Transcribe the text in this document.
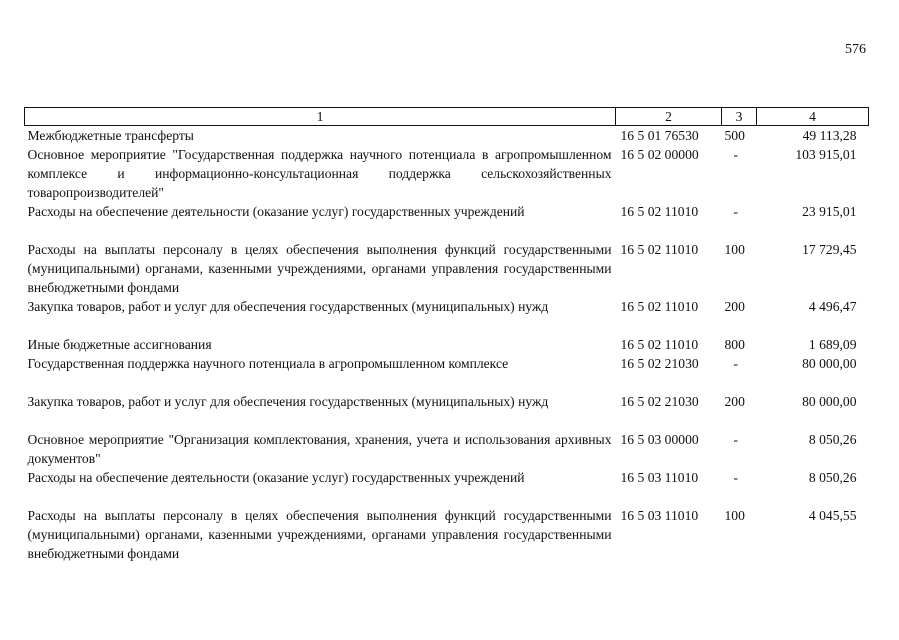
576
1	2	3	4
Межбюджетные трансферты	16 5 01 76530	500	49 113,28
Основное мероприятие "Государственная поддержка научного потенциала в агропромышленном комплексе и информационно-консультационная поддержка сельскохозяйственных товаропроизводителей"	16 5 02 00000	-	103 915,01
Расходы на обеспечение деятельности (оказание услуг) государственных учреждений	16 5 02 11010	-	23 915,01
Расходы на выплаты персоналу в целях обеспечения выполнения функций государственными (муниципальными) органами, казенными учреждениями, органами управления государственными внебюджетными фондами	16 5 02 11010	100	17 729,45
Закупка товаров, работ и услуг для обеспечения государственных (муниципальных) нужд	16 5 02 11010	200	4 496,47
Иные бюджетные ассигнования	16 5 02 11010	800	1 689,09
Государственная поддержка научного потенциала в агропромышленном комплексе	16 5 02 21030	-	80 000,00
Закупка товаров, работ и услуг для обеспечения государственных (муниципальных) нужд	16 5 02 21030	200	80 000,00
Основное мероприятие "Организация комплектования, хранения, учета и использования архивных документов"	16 5 03 00000	-	8 050,26
Расходы на обеспечение деятельности (оказание услуг) государственных учреждений	16 5 03 11010	-	8 050,26
Расходы на выплаты персоналу в целях обеспечения выполнения функций государственными (муниципальными) органами, казенными учреждениями, органами управления государственными внебюджетными фондами	16 5 03 11010	100	4 045,55
